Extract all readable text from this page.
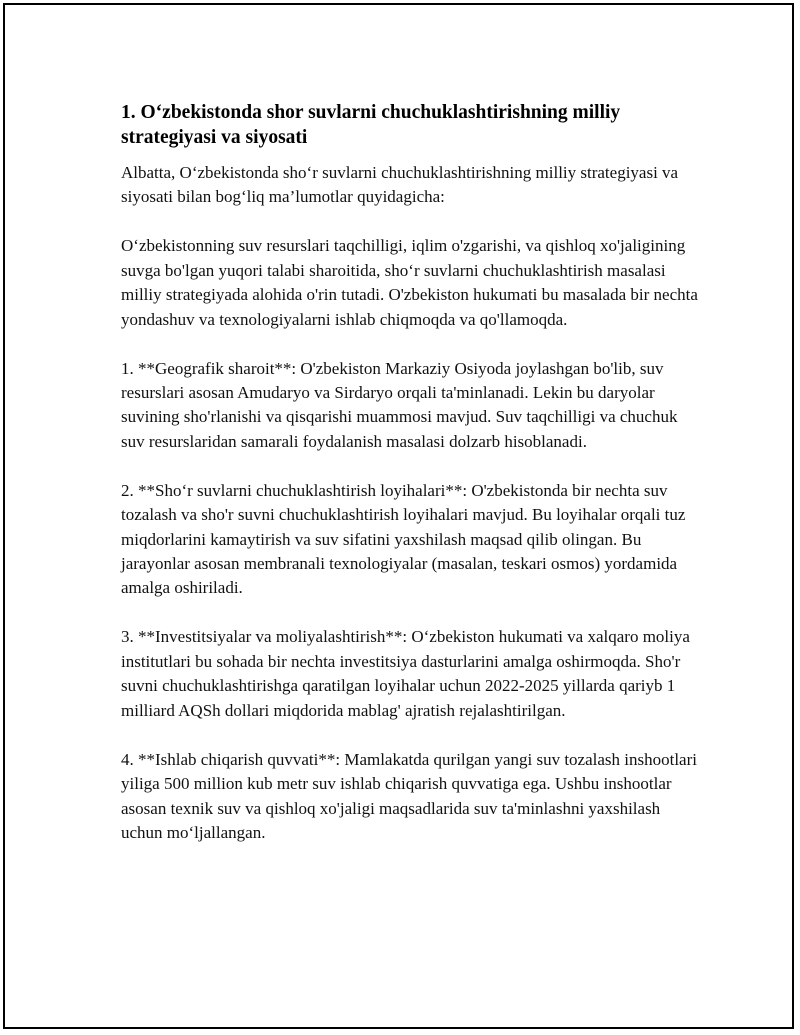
1. O‘zbekistonda shor suvlarni chuchuklashtirishning milliy strategiyasi va siyosati

Albatta, O‘zbekistonda sho‘r suvlarni chuchuklashtirishning milliy strategiyasi va siyosati bilan bog‘liq ma’lumotlar quyidagicha:

O‘zbekistonning suv resurslari taqchilligi, iqlim o'zgarishi, va qishloq xo'jaligining suvga bo'lgan yuqori talabi sharoitida, sho‘r suvlarni chuchuklashtirish masalasi milliy strategiyada alohida o'rin tutadi. O'zbekiston hukumati bu masalada bir nechta yondashuv va texnologiyalarni ishlab chiqmoqda va qo'llamoqda.

1. **Geografik sharoit**: O'zbekiston Markaziy Osiyoda joylashgan bo'lib, suv resurslari asosan Amudaryo va Sirdaryo orqali ta'minlanadi. Lekin bu daryolar suvining sho'rlanishi va qisqarishi muammosi mavjud. Suv taqchilligi va chuchuk suv resurslaridan samarali foydalanish masalasi dolzarb hisoblanadi.

2. **Sho‘r suvlarni chuchuklashtirish loyihalari**: O'zbekistonda bir nechta suv tozalash va sho'r suvni chuchuklashtirish loyihalari mavjud. Bu loyihalar orqali tuz miqdorlarini kamaytirish va suv sifatini yaxshilash maqsad qilib olingan. Bu jarayonlar asosan membranali texnologiyalar (masalan, teskari osmos) yordamida amalga oshiriladi.

3. **Investitsiyalar va moliyalashtirish**: O‘zbekiston hukumati va xalqaro moliya institutlari bu sohada bir nechta investitsiya dasturlarini amalga oshirmoqda. Sho'r suvni chuchuklashtirishga qaratilgan loyihalar uchun 2022-2025 yillarda qariyb 1 milliard AQSh dollari miqdorida mablag' ajratish rejalashtirilgan.

4. **Ishlab chiqarish quvvati**: Mamlakatda qurilgan yangi suv tozalash inshootlari yiliga 500 million kub metr suv ishlab chiqarish quvvatiga ega. Ushbu inshootlar asosan texnik suv va qishloq xo'jaligi maqsadlarida suv ta'minlashni yaxshilash uchun mo‘ljallangan.
